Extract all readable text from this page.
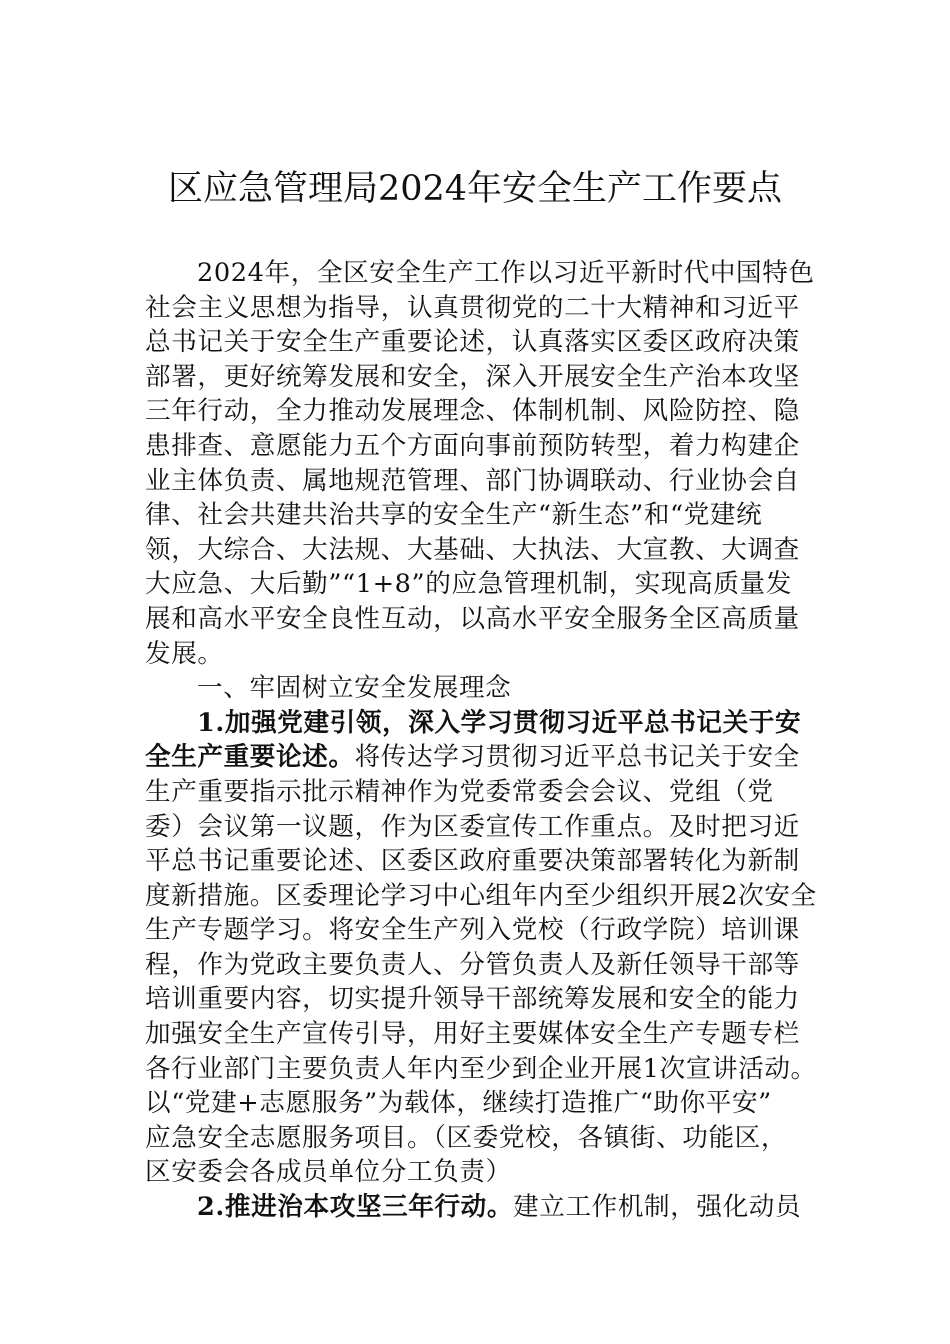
区应急管理局2024年安全生产工作要点
2024年，全区安全生产工作以习近平新时代中国特色
社会主义思想为指导，认真贯彻党的二十大精神和习近平
总书记关于安全生产重要论述，认真落实区委区政府决策
部署，更好统筹发展和安全，深入开展安全生产治本攻坚
三年行动，全力推动发展理念、体制机制、风险防控、隐
患排查、意愿能力五个方面向事前预防转型，着力构建企
业主体负责、属地规范管理、部门协调联动、行业协会自
律、社会共建共治共享的安全生产“新生态”和“党建统
领，大综合、大法规、大基础、大执法、大宣教、大调查
大应急、大后勤”“1+8”的应急管理机制，实现高质量发
展和高水平安全良性互动，以高水平安全服务全区高质量
发展。
一、牢固树立安全发展理念
1.加强党建引领，深入学习贯彻习近平总书记关于安
全生产重要论述。将传达学习贯彻习近平总书记关于安全
生产重要指示批示精神作为党委常委会会议、党组（党
委）会议第一议题，作为区委宣传工作重点。及时把习近
平总书记重要论述、区委区政府重要决策部署转化为新制
度新措施。区委理论学习中心组年内至少组织开展2次安全
生产专题学习。将安全生产列入党校（行政学院）培训课
程，作为党政主要负责人、分管负责人及新任领导干部等
培训重要内容，切实提升领导干部统筹发展和安全的能力
加强安全生产宣传引导，用好主要媒体安全生产专题专栏
各行业部门主要负责人年内至少到企业开展1次宣讲活动。
以“党建+志愿服务”为载体，继续打造推广“助你平安”
应急安全志愿服务项目。（区委党校，各镇街、功能区，
区安委会各成员单位分工负责）
2.推进治本攻坚三年行动。建立工作机制，强化动员
